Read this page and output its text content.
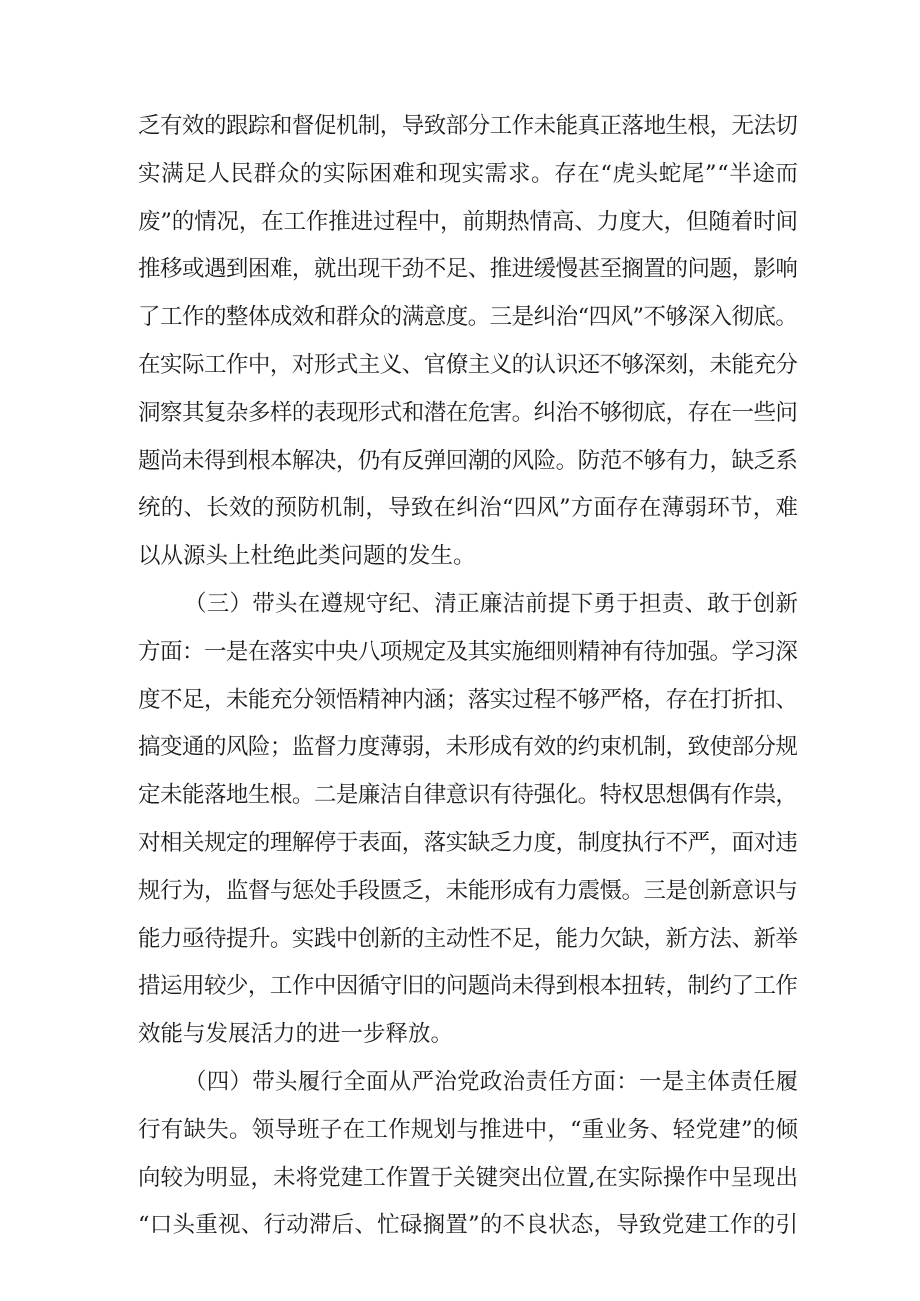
乏有效的跟踪和督促机制，导致部分工作未能真正落地生根，无法切
实满足人民群众的实际困难和现实需求。存在“虎头蛇尾”“半途而
废”的情况，在工作推进过程中，前期热情高、力度大，但随着时间
推移或遇到困难，就出现干劲不足、推进缓慢甚至搁置的问题，影响
了工作的整体成效和群众的满意度。三是纠治“四风”不够深入彻底。
在实际工作中，对形式主义、官僚主义的认识还不够深刻，未能充分
洞察其复杂多样的表现形式和潜在危害。纠治不够彻底，存在一些问
题尚未得到根本解决，仍有反弹回潮的风险。防范不够有力，缺乏系
统的、长效的预防机制，导致在纠治“四风”方面存在薄弱环节，难
以从源头上杜绝此类问题的发生。
（三）带头在遵规守纪、清正廉洁前提下勇于担责、敢于创新
方面：一是在落实中央八项规定及其实施细则精神有待加强。学习深
度不足，未能充分领悟精神内涵；落实过程不够严格，存在打折扣、
搞变通的风险；监督力度薄弱，未形成有效的约束机制，致使部分规
定未能落地生根。二是廉洁自律意识有待强化。特权思想偶有作祟，
对相关规定的理解停于表面，落实缺乏力度，制度执行不严，面对违
规行为，监督与惩处手段匮乏，未能形成有力震慑。三是创新意识与
能力亟待提升。实践中创新的主动性不足，能力欠缺，新方法、新举
措运用较少，工作中因循守旧的问题尚未得到根本扭转，制约了工作
效能与发展活力的进一步释放。
（四）带头履行全面从严治党政治责任方面：一是主体责任履
行有缺失。领导班子在工作规划与推进中，“重业务、轻党建”的倾
向较为明显，未将党建工作置于关键突出位置,在实际操作中呈现出
“口头重视、行动滞后、忙碌搁置”的不良状态，导致党建工作的引
